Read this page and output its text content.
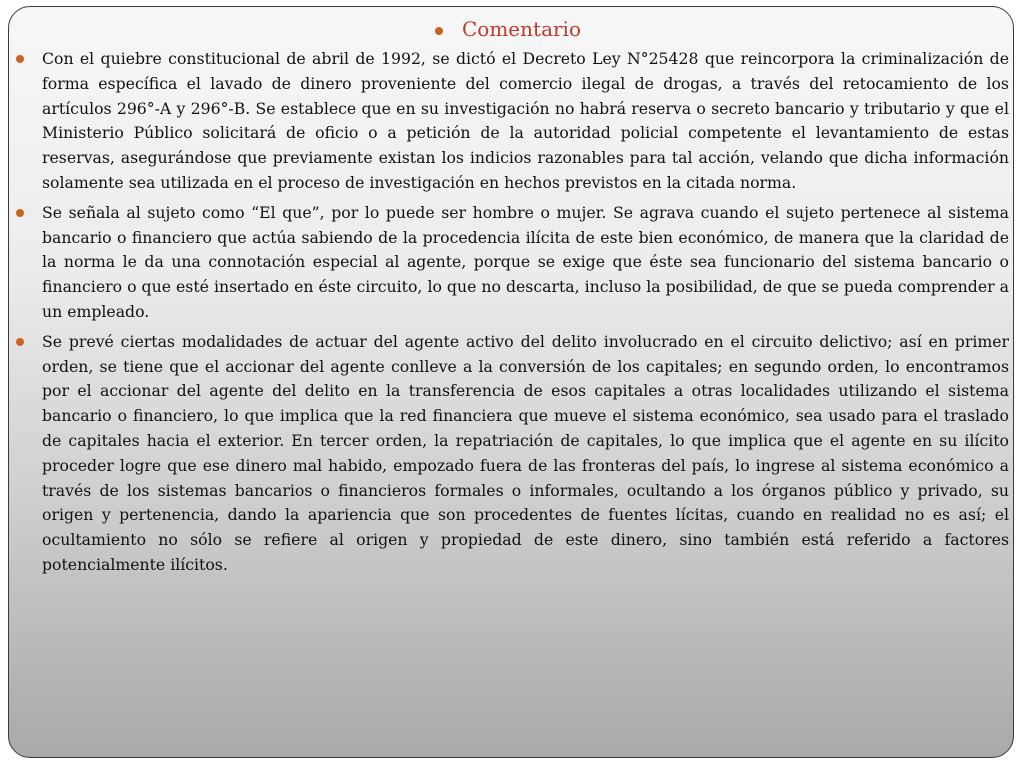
Comentario

Con el quiebre constitucional de abril de 1992, se dictó el Decreto Ley N°25428 que reincorpora la criminalización de forma específica el lavado de dinero proveniente del comercio ilegal de drogas, a través del retocamiento de los artículos 296°-A y 296°-B. Se establece que en su investigación no habrá reserva o secreto bancario y tributario y que el Ministerio Público solicitará de oficio o a petición de la autoridad policial competente el levantamiento de estas reservas, asegurándose que previamente existan los indicios razonables para tal acción, velando que dicha información solamente sea utilizada en el proceso de investigación en hechos previstos en la citada norma.

Se señala al sujeto como “El que”, por lo puede ser hombre o mujer. Se agrava cuando el sujeto pertenece al sistema bancario o financiero que actúa sabiendo de la procedencia ilícita de este bien económico, de manera que la claridad de la norma le da una connotación especial al agente, porque se exige que éste sea funcionario del sistema bancario o financiero o que esté insertado en éste circuito, lo que no descarta, incluso la posibilidad, de que se pueda comprender a un empleado.

Se prevé ciertas modalidades de actuar del agente activo del delito involucrado en el circuito delictivo; así en primer orden, se tiene que el accionar del agente conlleve a la conversión de los capitales; en segundo orden, lo encontramos por el accionar del agente del delito en la transferencia de esos capitales a otras localidades utilizando el sistema bancario o financiero, lo que implica que la red financiera que mueve el sistema económico, sea usado para el traslado de capitales hacia el exterior. En tercer orden, la repatriación de capitales, lo que implica que el agente en su ilícito proceder logre que ese dinero mal habido, empozado fuera de las fronteras del país, lo ingrese al sistema económico a través de los sistemas bancarios o financieros formales o informales, ocultando a los órganos público y privado, su origen y pertenencia, dando la apariencia que son procedentes de fuentes lícitas, cuando en realidad no es así; el ocultamiento no sólo se refiere al origen y propiedad de este dinero, sino también está referido a factores potencialmente ilícitos.
